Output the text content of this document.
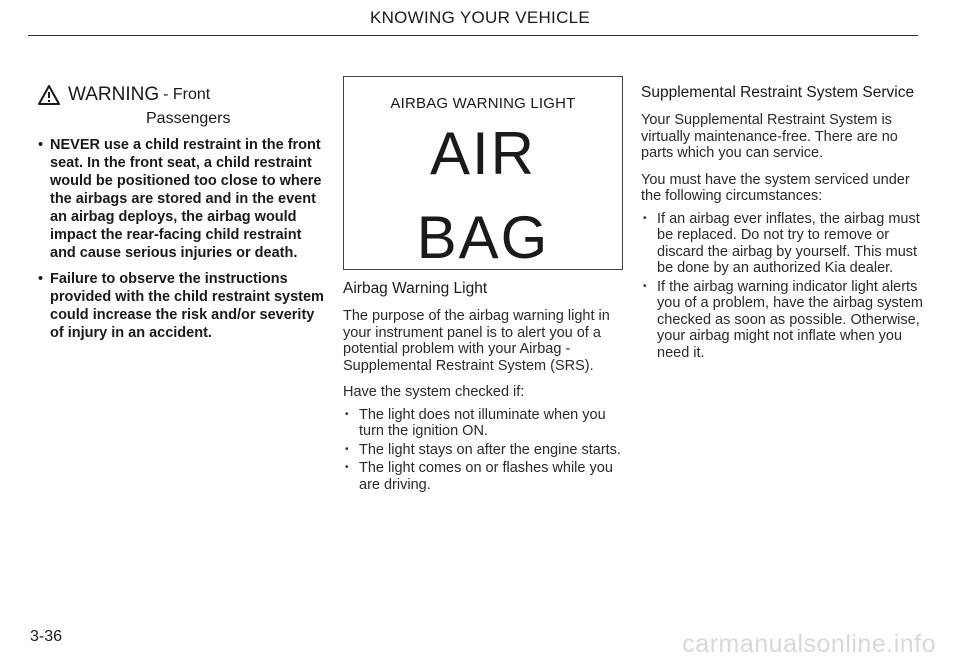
KNOWING YOUR VEHICLE
WARNING - Front
Passengers
• NEVER use a child restraint in the front seat. In the front seat, a child restraint would be positioned too close to where the airbags are stored and in the event an airbag deploys, the airbag would impact the rear-facing child restraint and cause serious injuries or death.
• Failure to observe the instructions provided with the child restraint system could increase the risk and/or severity of injury in an accident.
AIRBAG WARNING LIGHT
AIR
BAG
Airbag Warning Light

The purpose of the airbag warning light in your instrument panel is to alert you of a potential problem with your Airbag - Supplemental Restraint System (SRS).

Have the system checked if:

• The light does not illuminate when you turn the ignition ON.
• The light stays on after the engine starts.
• The light comes on or flashes while you are driving.
Supplemental Restraint System Service

Your Supplemental Restraint System is virtually maintenance-free. There are no parts which you can service.

You must have the system serviced under the following circumstances:

• If an airbag ever inflates, the airbag must be replaced. Do not try to remove or discard the airbag by yourself. This must be done by an authorized Kia dealer.
• If the airbag warning indicator light alerts you of a problem, have the airbag system checked as soon as possible. Otherwise, your airbag might not inflate when you need it.
3-36	carmanualsonline.info
